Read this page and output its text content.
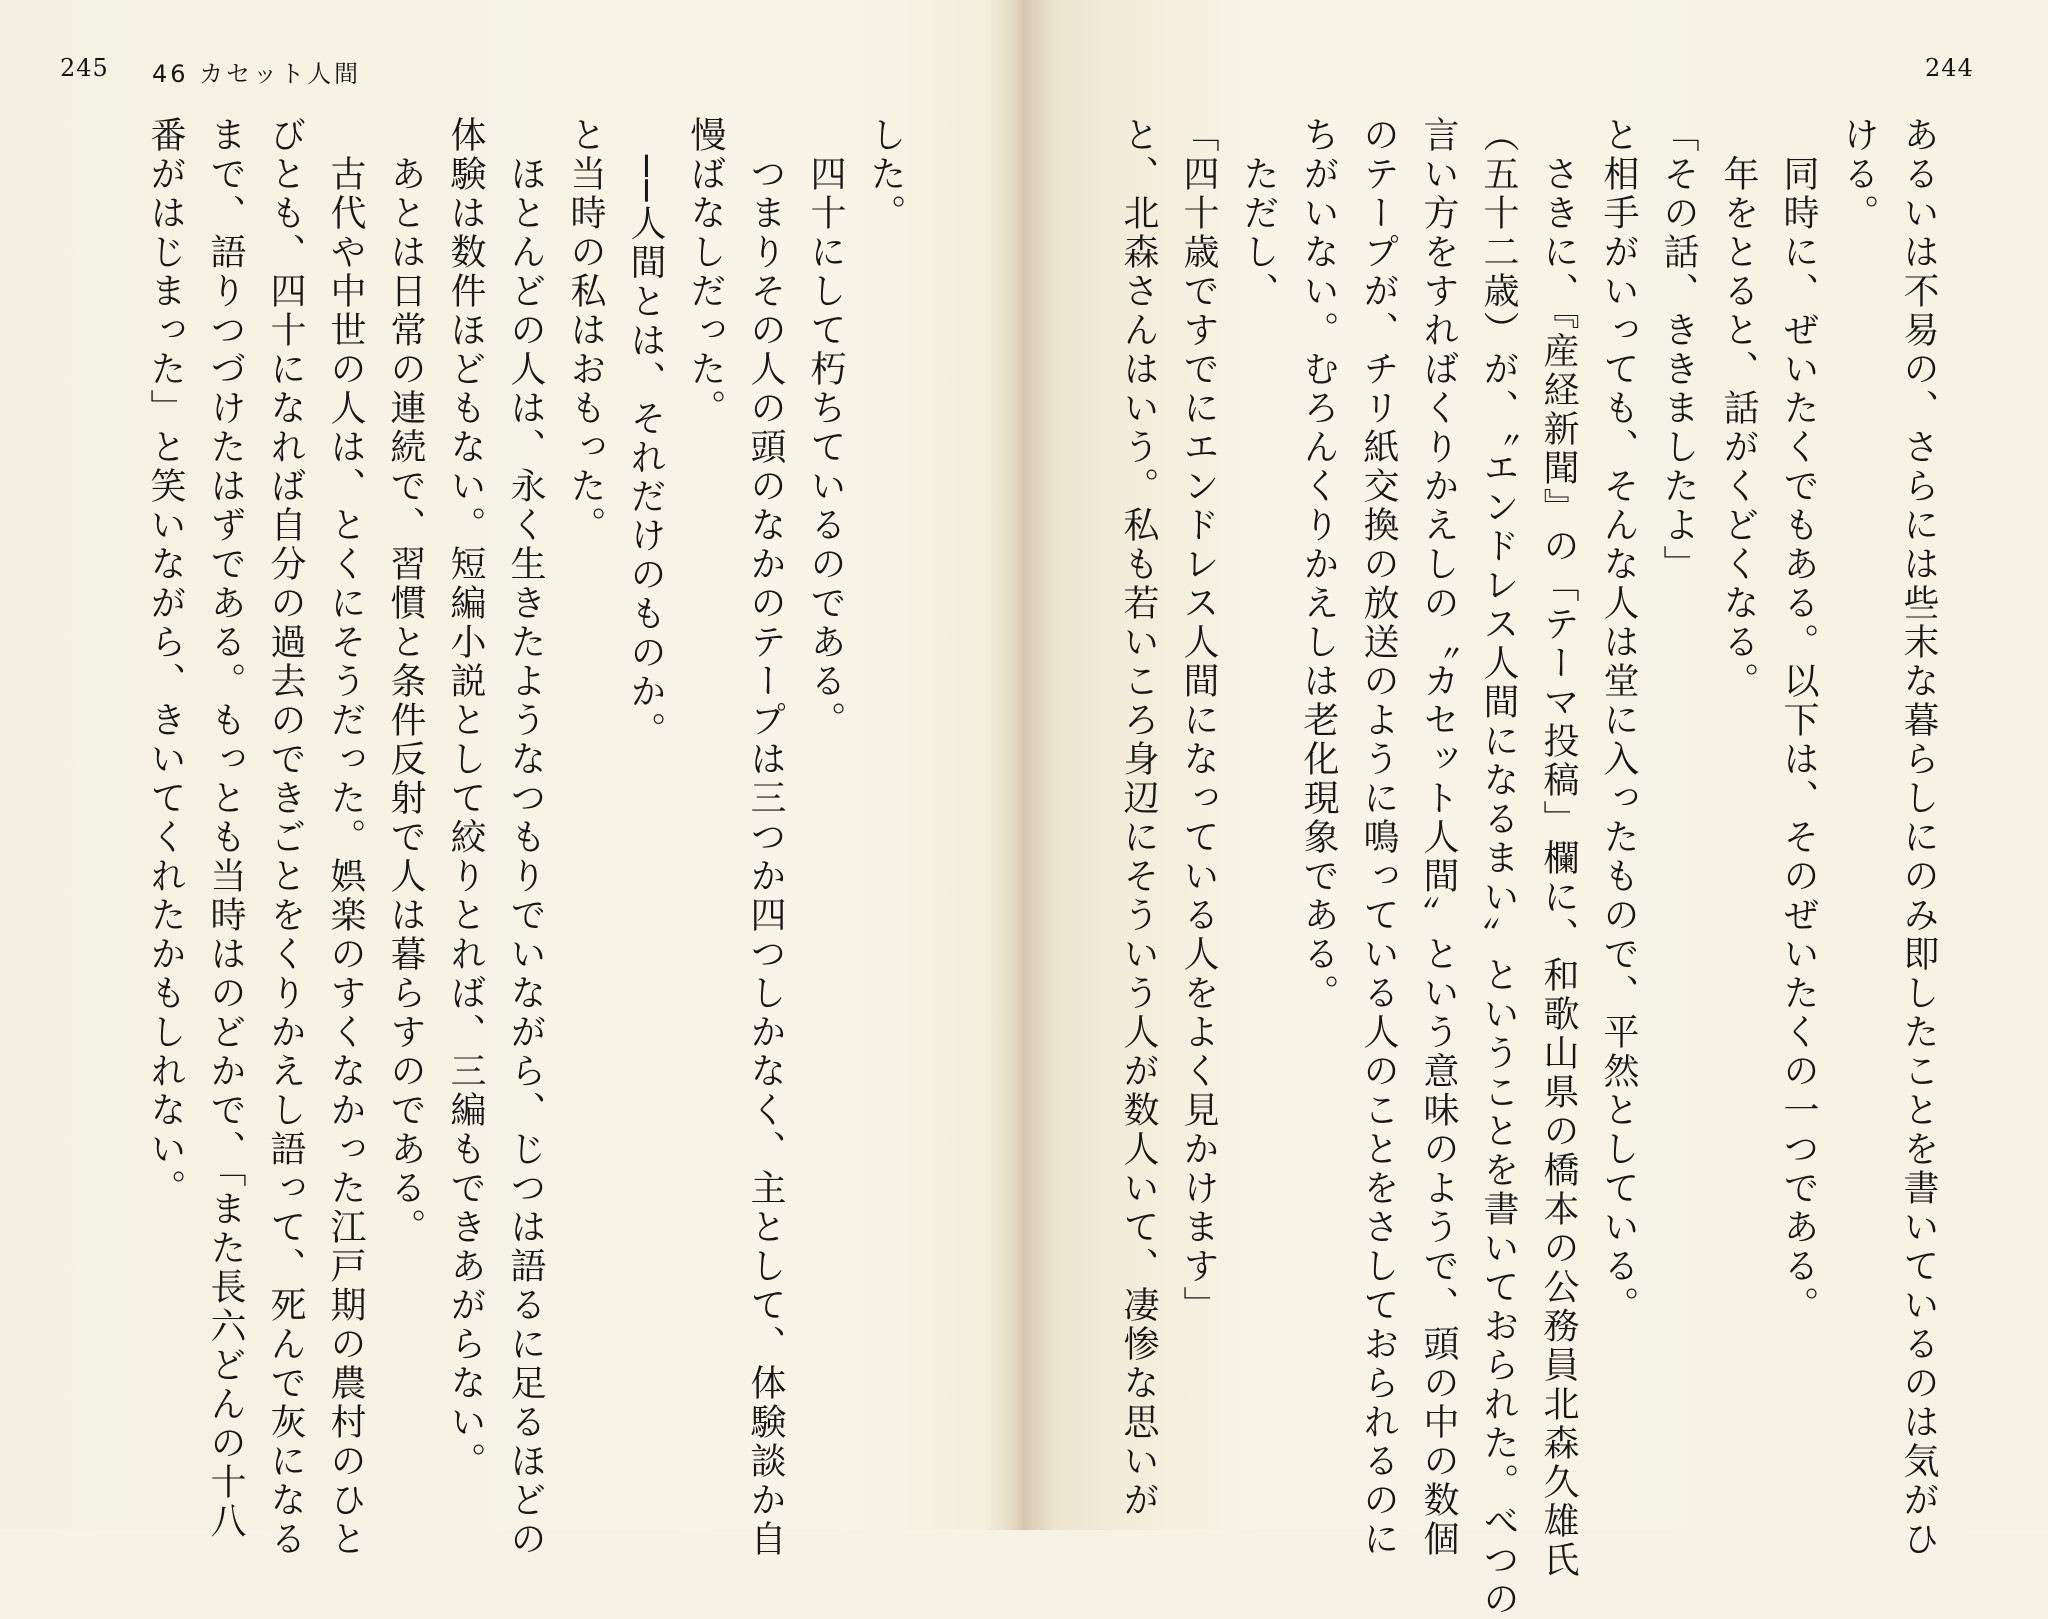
245 46 カセット人間
した。
　四十にして朽ちているのである。
　つまりその人の頭のなかのテープは三つか四つしかなく、主として、体験談か自
慢ばなしだった。
　──人間とは、それだけのものか。
と当時の私はおもった。
　ほとんどの人は、永く生きたようなつもりでいながら、じつは語るに足るほどの
体験は数件ほどもない。短編小説として絞りとれば、三編もできあがらない。
　あとは日常の連続で、習慣と条件反射で人は暮らすのである。
　古代や中世の人は、とくにそうだった。娯楽のすくなかった江戸期の農村のひと
びとも、四十になれば自分の過去のできごとをくりかえし語って、死んで灰になる
まで、語りつづけたはずである。もっとも当時はのどかで、「また長六どんの十八
番がはじまった」と笑いながら、きいてくれたかもしれない。
244
あるいは不易の、さらには些末な暮らしにのみ即したことを書いているのは気がひ
ける。
　同時に、ぜいたくでもある。以下は、そのぜいたくの一つである。
　年をとると、話がくどくなる。
「その話、ききましたよ」
と相手がいっても、そんな人は堂に入ったもので、平然としている。
　さきに、『産経新聞』の「テーマ投稿」欄に、和歌山県の橋本の公務員北森久雄氏
（五十二歳）が、〝エンドレス人間になるまい〟ということを書いておられた。べつの
言い方をすればくりかえしの〝カセット人間〟という意味のようで、頭の中の数個
のテープが、チリ紙交換の放送のように鳴っている人のことをさしておられるのに
ちがいない。むろんくりかえしは老化現象である。
　ただし、
「四十歳ですでにエンドレス人間になっている人をよく見かけます」
と、北森さんはいう。私も若いころ身辺にそういう人が数人いて、凄惨な思いが
